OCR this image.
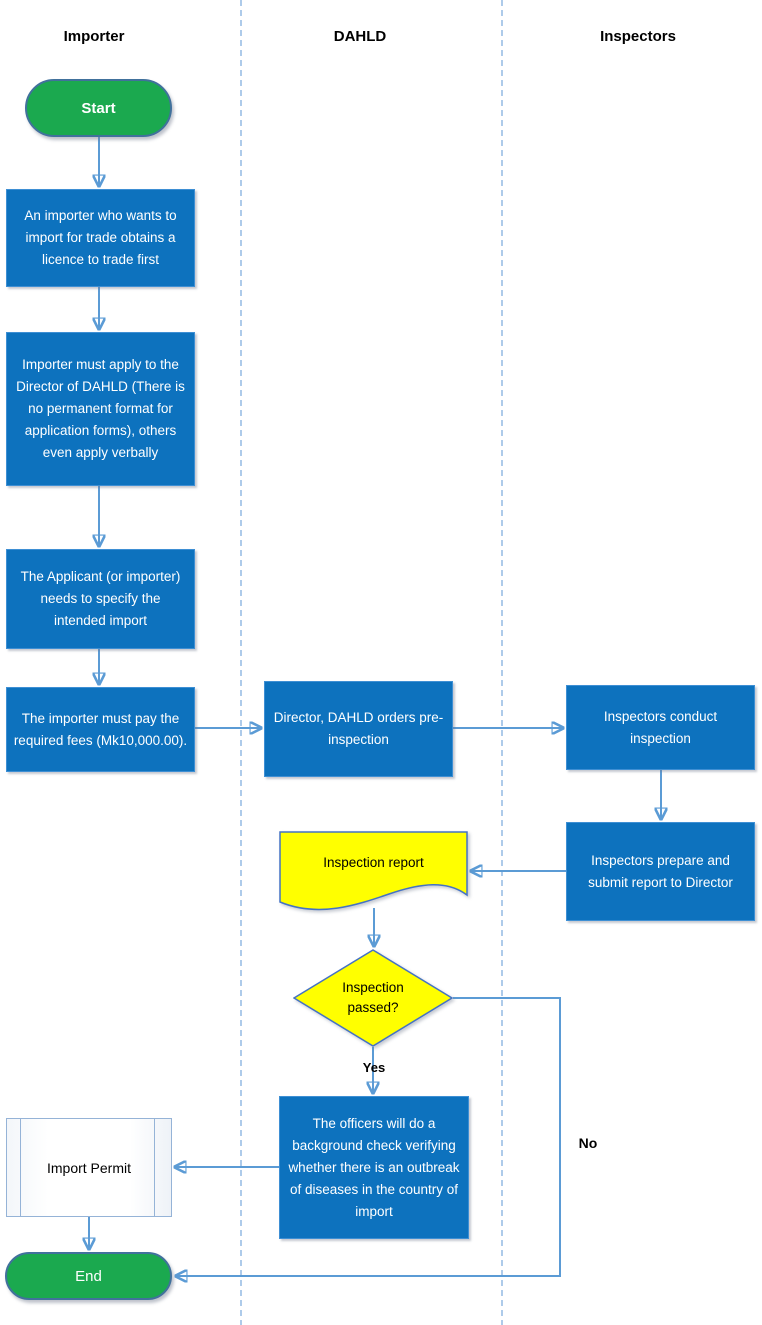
Importer	DAHLD	Inspectors
Start
An importer who wants to import for trade obtains a licence to trade first
Importer must apply to the Director of DAHLD (There is no permanent format for application forms), others even apply verbally
The Applicant (or importer) needs to specify the intended import
The importer must pay the required fees (Mk10,000.00).
Director, DAHLD orders pre-inspection
Inspection report
Inspection passed?
The officers will do a background check verifying whether there is an outbreak of diseases in the country of import
Inspectors conduct inspection
Inspectors prepare and submit report to Director
Import Permit
End
Yes
No
